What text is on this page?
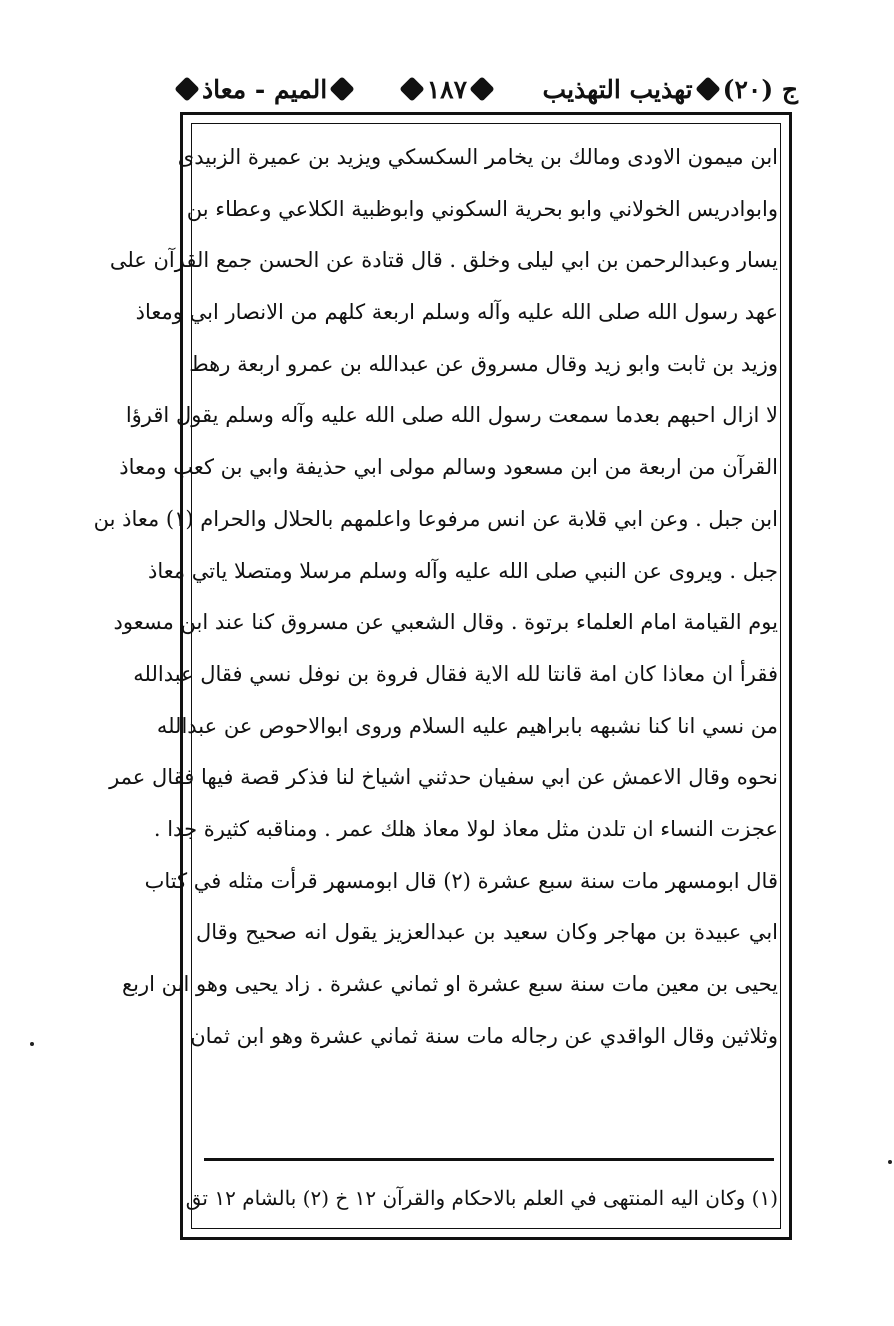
ج (٢٠)
تهذيب التهذيب
١٨٧
الميم - معاذ
ابن ميمون الاودى ومالك بن يخامر السكسكي ويزيد بن عميرة الزبيدى
وابوادريس الخولاني وابو بحرية السكوني وابوظبية الكلاعي وعطاء بن
يسار وعبدالرحمن بن ابي ليلى وخلق . قال قتادة عن الحسن جمع القرآن على
عهد رسول الله صلى الله عليه وآله وسلم اربعة كلهم من الانصار ابي ومعاذ
وزيد بن ثابت وابو زيد وقال مسروق عن عبدالله بن عمرو اربعة رهط
لا ازال احبهم بعدما سمعت رسول الله صلى الله عليه وآله وسلم يقول اقرؤا
القرآن من اربعة من ابن مسعود وسالم مولى ابي حذيفة وابي بن كعب ومعاذ
ابن جبل . وعن ابي قلابة عن انس مرفوعا واعلمهم بالحلال والحرام (١) معاذ بن
جبل . ويروى عن النبي صلى الله عليه وآله وسلم مرسلا ومتصلا ياتي معاذ
يوم القيامة امام العلماء برتوة . وقال الشعبي عن مسروق كنا عند ابن مسعود
فقرأ ان معاذا كان امة قانتا لله الاية فقال فروة بن نوفل نسي فقال عبدالله
من نسي انا كنا نشبهه بابراهيم عليه السلام وروى ابوالاحوص عن عبدالله
نحوه وقال الاعمش عن ابي سفيان حدثني اشياخ لنا فذكر قصة فيها فقال عمر
عجزت النساء ان تلدن مثل معاذ لولا معاذ هلك عمر . ومناقبه كثيرة جدا .
قال ابومسهر مات سنة سبع عشرة (٢) قال ابومسهر قرأت مثله في كتاب
ابي عبيدة بن مهاجر وكان سعيد بن عبدالعزيز يقول انه صحيح وقال
يحيى بن معين مات سنة سبع عشرة او ثماني عشرة . زاد يحيى وهو ابن اربع
وثلاثين وقال الواقدي عن رجاله مات سنة ثماني عشرة وهو ابن ثمان
(١) وكان اليه المنتهى في العلم بالاحكام والقرآن ١٢ خ (٢) بالشام ١٢ تق
